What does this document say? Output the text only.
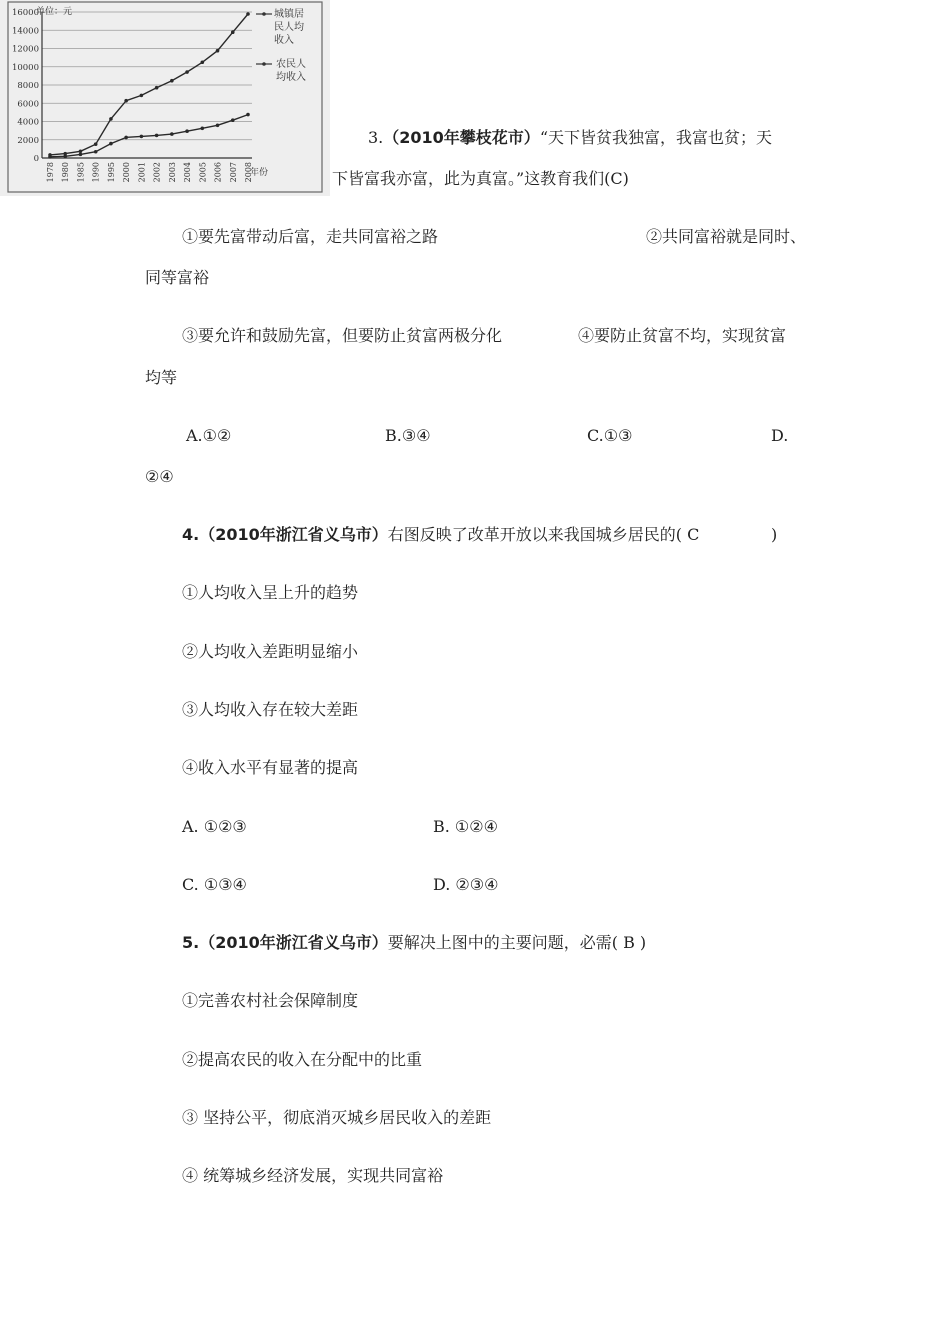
0
2000
4000
6000
8000
10000
12000
14000
16000
1978 1980 1985 1990 1995 2000 2001 2002 2003 2004 2005 2006 2007 2008
单位：元
年份
城镇居
民人均
收入
农民人
均收入
3.（2010年攀枝花市）“天下皆贫我独富，我富也贫；天
下皆富我亦富，此为真富。”这教育我们(C)
①要先富带动后富，走共同富裕之路	②共同富裕就是同时、
同等富裕
③要允许和鼓励先富，但要防止贫富两极分化	④要防止贫富不均，实现贫富
均等
A.①②	B.③④	C.①③	D.
②④
4.（2010年浙江省义乌市）右图反映了改革开放以来我国城乡居民的( C	)
①人均收入呈上升的趋势
②人均收入差距明显缩小
③人均收入存在较大差距
④收入水平有显著的提高
A. ①②③	B. ①②④
C. ①③④	D. ②③④
5.（2010年浙江省义乌市）要解决上图中的主要问题，必需( B )
①完善农村社会保障制度
②提高农民的收入在分配中的比重
③ 坚持公平，彻底消灭城乡居民收入的差距
④ 统筹城乡经济发展，实现共同富裕
